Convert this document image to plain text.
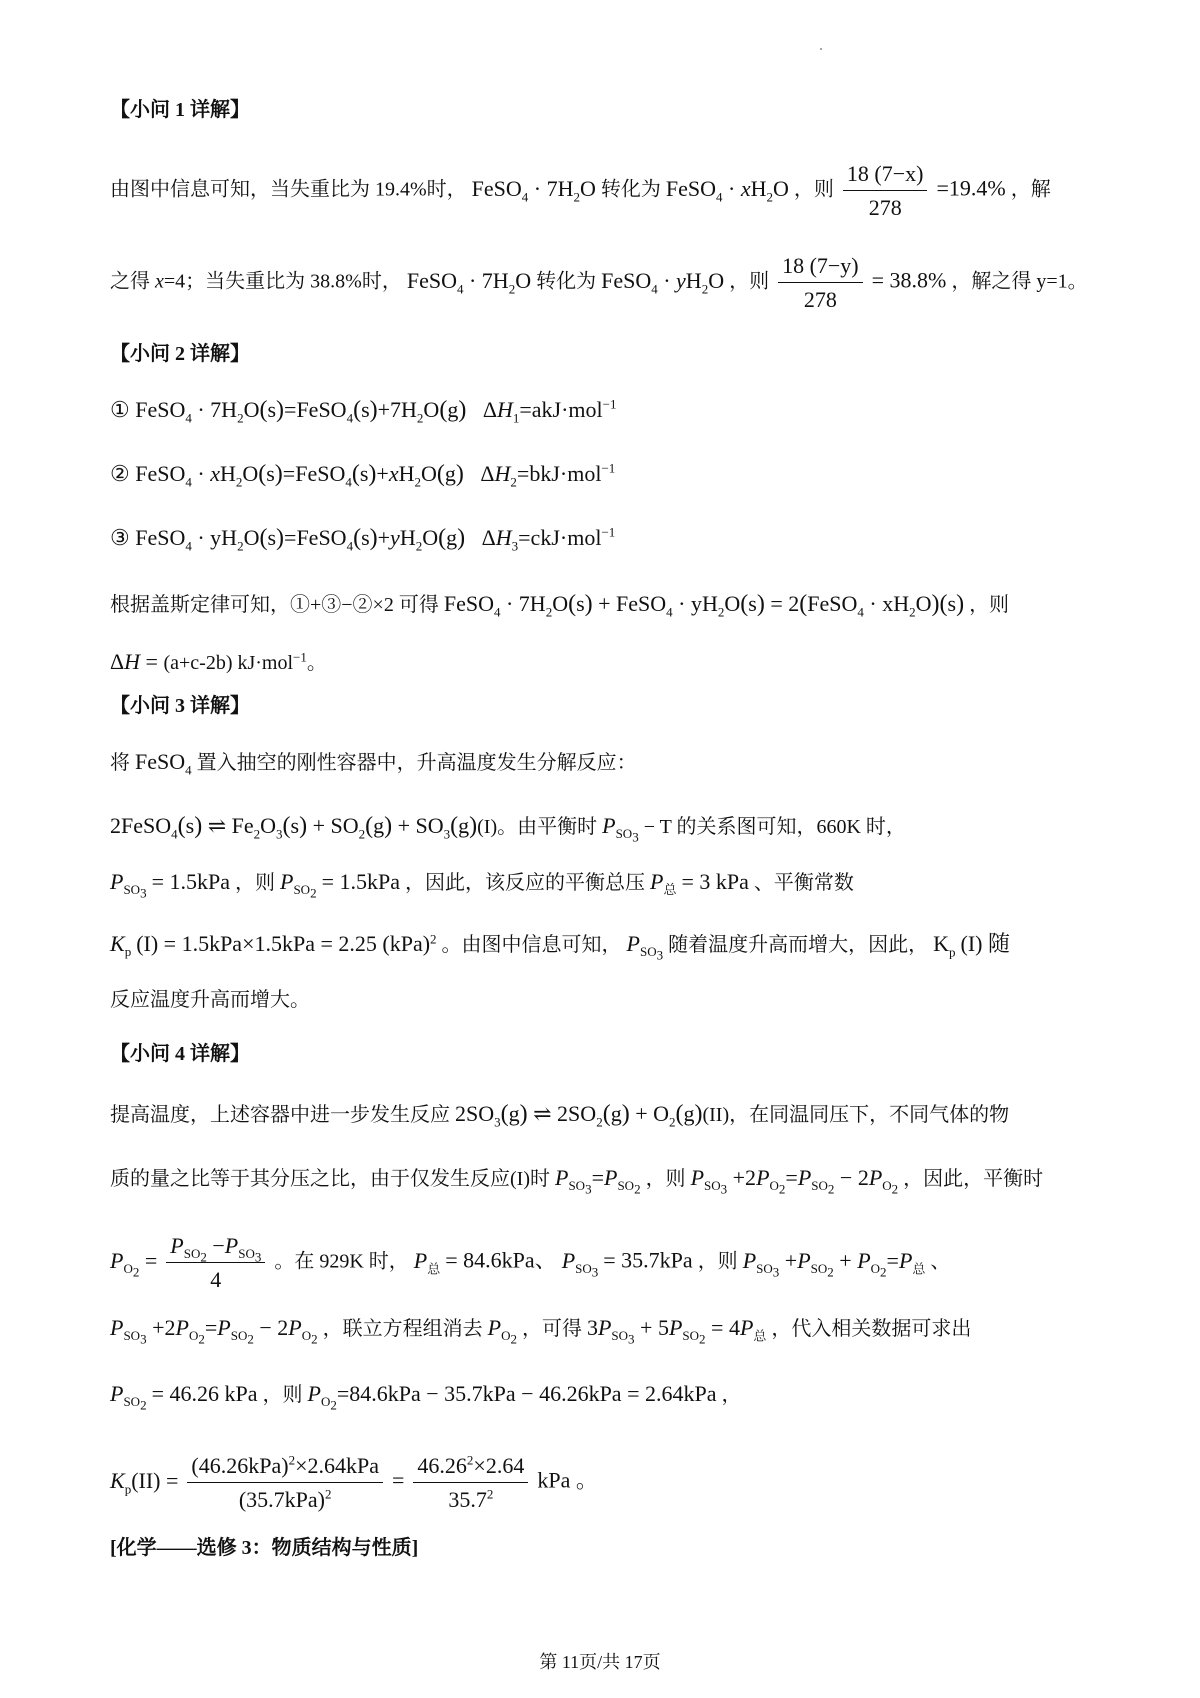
【小问 1 详解】
由图中信息可知，当失重比为 19.4%时， FeSO$_4$ · $7H_2O$ 转化为 FeSO$_4$ · $xH_2O$ ，则 $\frac{18 (7-x)}{278} =19.4\%$ ，解
之得 x=4；当失重比为 38.8%时， FeSO$_4$ · $7H_2O$ 转化为 FeSO$_4$ · $yH_2O$ ，则 $\frac{18 (7-y)}{278} = 38.8\%$ ，解之得 y=1。
【小问 2 详解】
① FeSO$_4$ · $7H_2O(s)=FeSO_4(s)+7H_2O(g)$   $\Delta H_1=akJ\cdot mol^{-1}$
② FeSO$_4$ · $xH_2O(s)=FeSO_4(s)+xH_2O(g)$   $\Delta H_2=bkJ\cdot mol^{-1}$
③ FeSO$_4$ · $yH_2O(s)=FeSO_4(s)+yH_2O(g)$   $\Delta H_3=ckJ\cdot mol^{-1}$
根据盖斯定律可知，①+③−②×2 可得 FeSO$_4$ · $7H_2O(s)$ + FeSO$_4$ · $yH_2O(s)$ = 2(FeSO$_4$ · $xH_2O)(s)$ ，则
ΔH = (a+c-2b) kJ·mol$^{-1}$。
【小问 3 详解】
将 FeSO$_4$ 置入抽空的刚性容器中，升高温度发生分解反应：
2FeSO$_4$(s) ⇌ $Fe_2O_3(s) + SO_2(g) + SO_3(g)(I)$。由平衡时 $P_{SO_3} - T$ 的关系图可知，660K 时，
$P_{SO_3} = 1.5kPa$ ，则 $P_{SO_2} = 1.5kPa$ ，因此，该反应的平衡总压 $P_总 = 3$ kPa 、平衡常数
$K_p$ (I) = 1.5kPa×1.5kPa = 2.25 (kPa)$^2$ 。由图中信息可知， $P_{SO_3}$ 随着温度升高而增大，因此， $K_p$ (I) 随
反应温度升高而增大。
【小问 4 详解】
提高温度，上述容器中进一步发生反应 $2SO_3(g)$ ⇌ $2SO_2(g) + O_2(g)(II)$，在同温同压下，不同气体的物
质的量之比等于其分压之比，由于仅发生反应(I)时 $P_{SO_3}=P_{SO_2}$ ，则 $P_{SO_3} +2P_{O_2}=P_{SO_2} - 2P_{O_2}$ ，因此，平衡时
$P_{O_2} = \frac{P_{SO_2} -P_{SO_3}}{4}$ 。在 929K 时， $P_总 = 84.6kPa$、 $P_{SO_3} = 35.7kPa$ ，则 $P_{SO_3} +P_{SO_2} + P_{O_2}=P_总$ 、
$P_{SO_3} +2P_{O_2}=P_{SO_2} - 2P_{O_2}$ ，联立方程组消去 $P_{O_2}$ ，可得 $3P_{SO_3} + 5P_{SO_2} = 4P_总$ ，代入相关数据可求出
$P_{SO_2} = 46.26$ kPa ，则 $P_{O_2}=84.6kPa - 35.7kPa - 46.26kPa = 2.64kPa$ ，
$K_p(II) = \frac{(46.26kPa)^2\times 2.64kPa}{(35.7kPa)^2} = \frac{46.26^2\times 2.64}{35.7^2}$ kPa 。
[化学——选修 3：物质结构与性质]
第 11页/共 17页
